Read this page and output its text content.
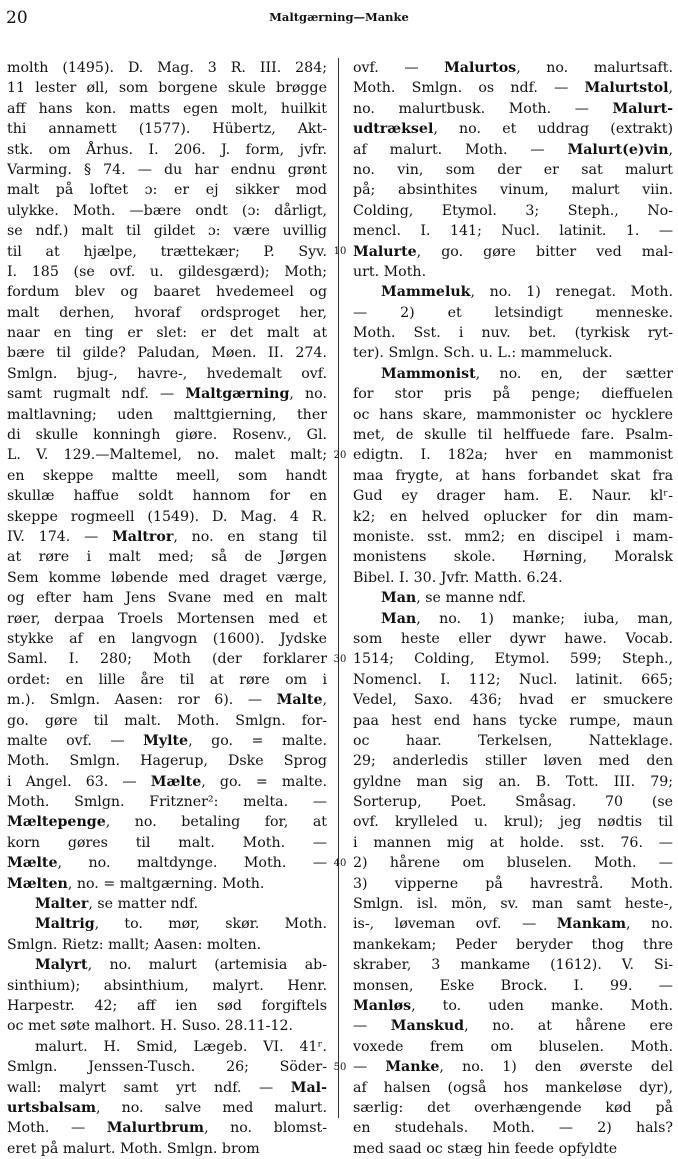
20	Maltgærning—Manke
molth (1495). D. Mag. 3 R. III. 284;
11 lester øll, som borgene skule brøgge
aff hans kon. matts egen molt, huilkit
thi annamett (1577). Hübertz, Akt-
stk. om Århus. I. 206. J. form, jvfr.
Varming. § 74. — du har endnu grønt
malt på loftet ɔ: er ej sikker mod
ulykke. Moth. —bære ondt (ɔ: dårligt,
se ndf.) malt til gildet ɔ: være uvillig
til at hjælpe, trættekær; P. Syv.
I. 185 (se ovf. u. gildesgærd); Moth;
fordum blev og baaret hvedemeel og
malt derhen, hvoraf ordsproget her,
naar en ting er slet: er det malt at
bære til gilde? Paludan, Møen. II. 274.
Smlgn. bjug-, havre-, hvedemalt ovf.
samt rugmalt ndf. — Maltgærning, no.
maltlavning; uden malttgierning, ther
di skulle konningh giøre. Rosenv., Gl.
L. V. 129.—Maltemel, no. malet malt;
en skeppe maltte meell, som handt
skullæ haffue soldt hannom for en
skeppe rogmeell (1549). D. Mag. 4 R.
IV. 174. — Maltror, no. en stang til
at røre i malt med; så de Jørgen
Sem komme løbende med draget værge,
og efter ham Jens Svane med en malt
røer, derpaa Troels Mortensen med et
stykke af en langvogn (1600). Jydske
Saml. I. 280; Moth (der forklarer
ordet: en lille åre til at røre om i
m.). Smlgn. Aasen: ror 6). — Malte,
go. gøre til malt. Moth. Smlgn. for-
malte ovf. — Mylte, go. = malte.
Moth. Smlgn. Hagerup, Dske Sprog
i Angel. 63. — Mælte, go. = malte.
Moth. Smlgn. Fritzner²: melta. —
Mæltepenge, no. betaling for, at
korn gøres til malt. Moth. —
Mælte, no. maltdynge. Moth. —
Mælten, no. = maltgærning. Moth.
Malter, se matter ndf.
Maltrig, to. mør, skør. Moth.
Smlgn. Rietz: mallt; Aasen: molten.
Malyrt, no. malurt (artemisia ab-
sinthium); absinthium, malyrt. Henr.
Harpestr. 42; aff ien sød forgiftels
oc met søte malhort. H. Suso. 28.11-12.
malurt. H. Smid, Lægeb. VI. 41ʳ.
Smlgn. Jenssen-Tusch. 26; Söder-
wall: malyrt samt yrt ndf. — Mal-
urtsbalsam, no. salve med malurt.
Moth. — Malurtbrum, no. blomst-
eret på malurt. Moth. Smlgn. brom
ovf. — Malurtos, no. malurtsaft.
Moth. Smlgn. os ndf. — Malurtstol,
no. malurtbusk. Moth. — Malurt-
udtræksel, no. et uddrag (extrakt)
af malurt. Moth. — Malurt(e)vin,
no. vin, som der er sat malurt
på; absinthites vinum, malurt viin.
Colding, Etymol. 3; Steph., No-
mencl. I. 141; Nucl. latinit. 1. —
Malurte, go. gøre bitter ved mal-
urt. Moth.
Mammeluk, no. 1) renegat. Moth.
— 2) et letsindigt menneske.
Moth. Sst. i nuv. bet. (tyrkisk ryt-
ter). Smlgn. Sch. u. L.: mammeluck.
Mammonist, no. en, der sætter
for stor pris på penge; dieffuelen
oc hans skare, mammonister oc hycklere
met, de skulle til helffuede fare. Psalm-
edigtn. I. 182a; hver en mammonist
maa frygte, at hans forbandet skat fra
Gud ey drager ham. E. Naur. klʳ-
k2; en helved oplucker for din mam-
moniste. sst. mm2; en discipel i mam-
monistens skole. Hørning, Moralsk
Bibel. I. 30. Jvfr. Matth. 6.24.
Man, se manne ndf.
Man, no. 1) manke; iuba, man,
som heste eller dywr hawe. Vocab.
1514; Colding, Etymol. 599; Steph.,
Nomencl. I. 112; Nucl. latinit. 665;
Vedel, Saxo. 436; hvad er smuckere
paa hest end hans tycke rumpe, maun
oc	haar.	Terkelsen,	Natteklage.
29; anderledis stiller løven med den
gyldne man sig an. B. Tott. III. 79;
Sorterup, Poet. Småsag. 70 (se
ovf. krylleled u. krul); jeg nødtis til
i mannen mig at holde. sst. 76. —
2) hårene om bluselen. Moth. —
3) vipperne på havrestrå. Moth.
Smlgn. isl. mön, sv. man samt heste-,
is-, løveman ovf. — Mankam, no.
mankekam; Peder beryder thog thre
skraber, 3 mankame (1612). V. Si-
monsen, Eske Brock. I. 99. —
Manløs, to. uden manke. Moth.
— Manskud, no. at hårene ere
voxede frem om bluselen. Moth.
— Manke, no. 1) den øverste del
af halsen (også hos mankeløse dyr),
særlig: det overhængende kød på
en studehals. Moth. — 2) hals?
med saad oc stæg hin feede opfyldte
10
20
30
40
50
